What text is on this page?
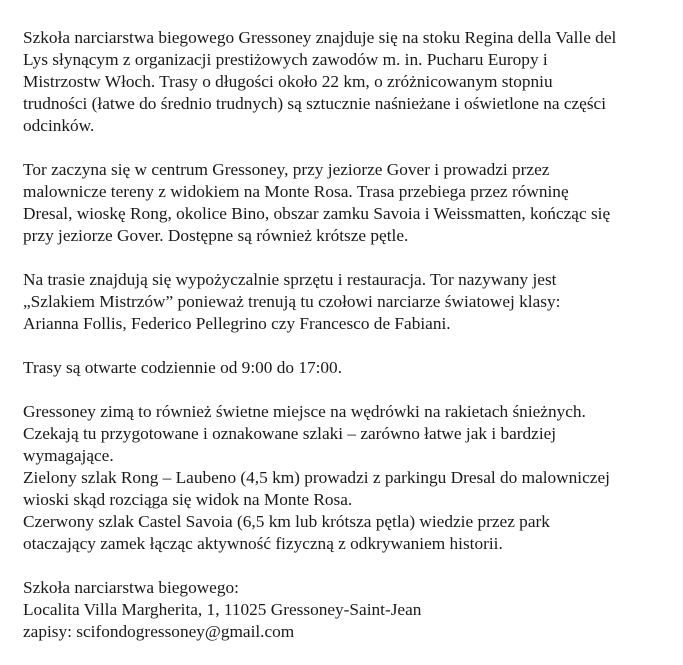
Szkoła narciarstwa biegowego Gressoney znajduje się na stoku Regina della Valle del
Lys słynącym z organizacji prestiżowych zawodów m. in. Pucharu Europy i
Mistrzostw Włoch. Trasy o długości około 22 km, o zróżnicowanym stopniu
trudności (łatwe do średnio trudnych) są sztucznie naśnieżane i oświetlone na części
odcinków.

Tor zaczyna się w centrum Gressoney, przy jeziorze Gover i prowadzi przez
malownicze tereny z widokiem na Monte Rosa. Trasa przebiega przez równinę
Dresal, wioskę Rong, okolice Bino, obszar zamku Savoia i Weissmatten, kończąc się
przy jeziorze Gover. Dostępne są również krótsze pętle.

Na trasie znajdują się wypożyczalnie sprzętu i restauracja. Tor nazywany jest
„Szlakiem Mistrzów” ponieważ trenują tu czołowi narciarze światowej klasy:
Arianna Follis, Federico Pellegrino czy Francesco de Fabiani.

Trasy są otwarte codziennie od 9:00 do 17:00.

Gressoney zimą to również świetne miejsce na wędrówki na rakietach śnieżnych.
Czekają tu przygotowane i oznakowane szlaki – zarówno łatwe jak i bardziej
wymagające.
Zielony szlak Rong – Laubeno (4,5 km) prowadzi z parkingu Dresal do malowniczej
wioski skąd rozciąga się widok na Monte Rosa.
Czerwony szlak Castel Savoia (6,5 km lub krótsza pętla) wiedzie przez park
otaczający zamek łącząc aktywność fizyczną z odkrywaniem historii.

Szkoła narciarstwa biegowego:
Localita Villa Margherita, 1, 11025 Gressoney-Saint-Jean
zapisy: scifondogressoney@gmail.com
